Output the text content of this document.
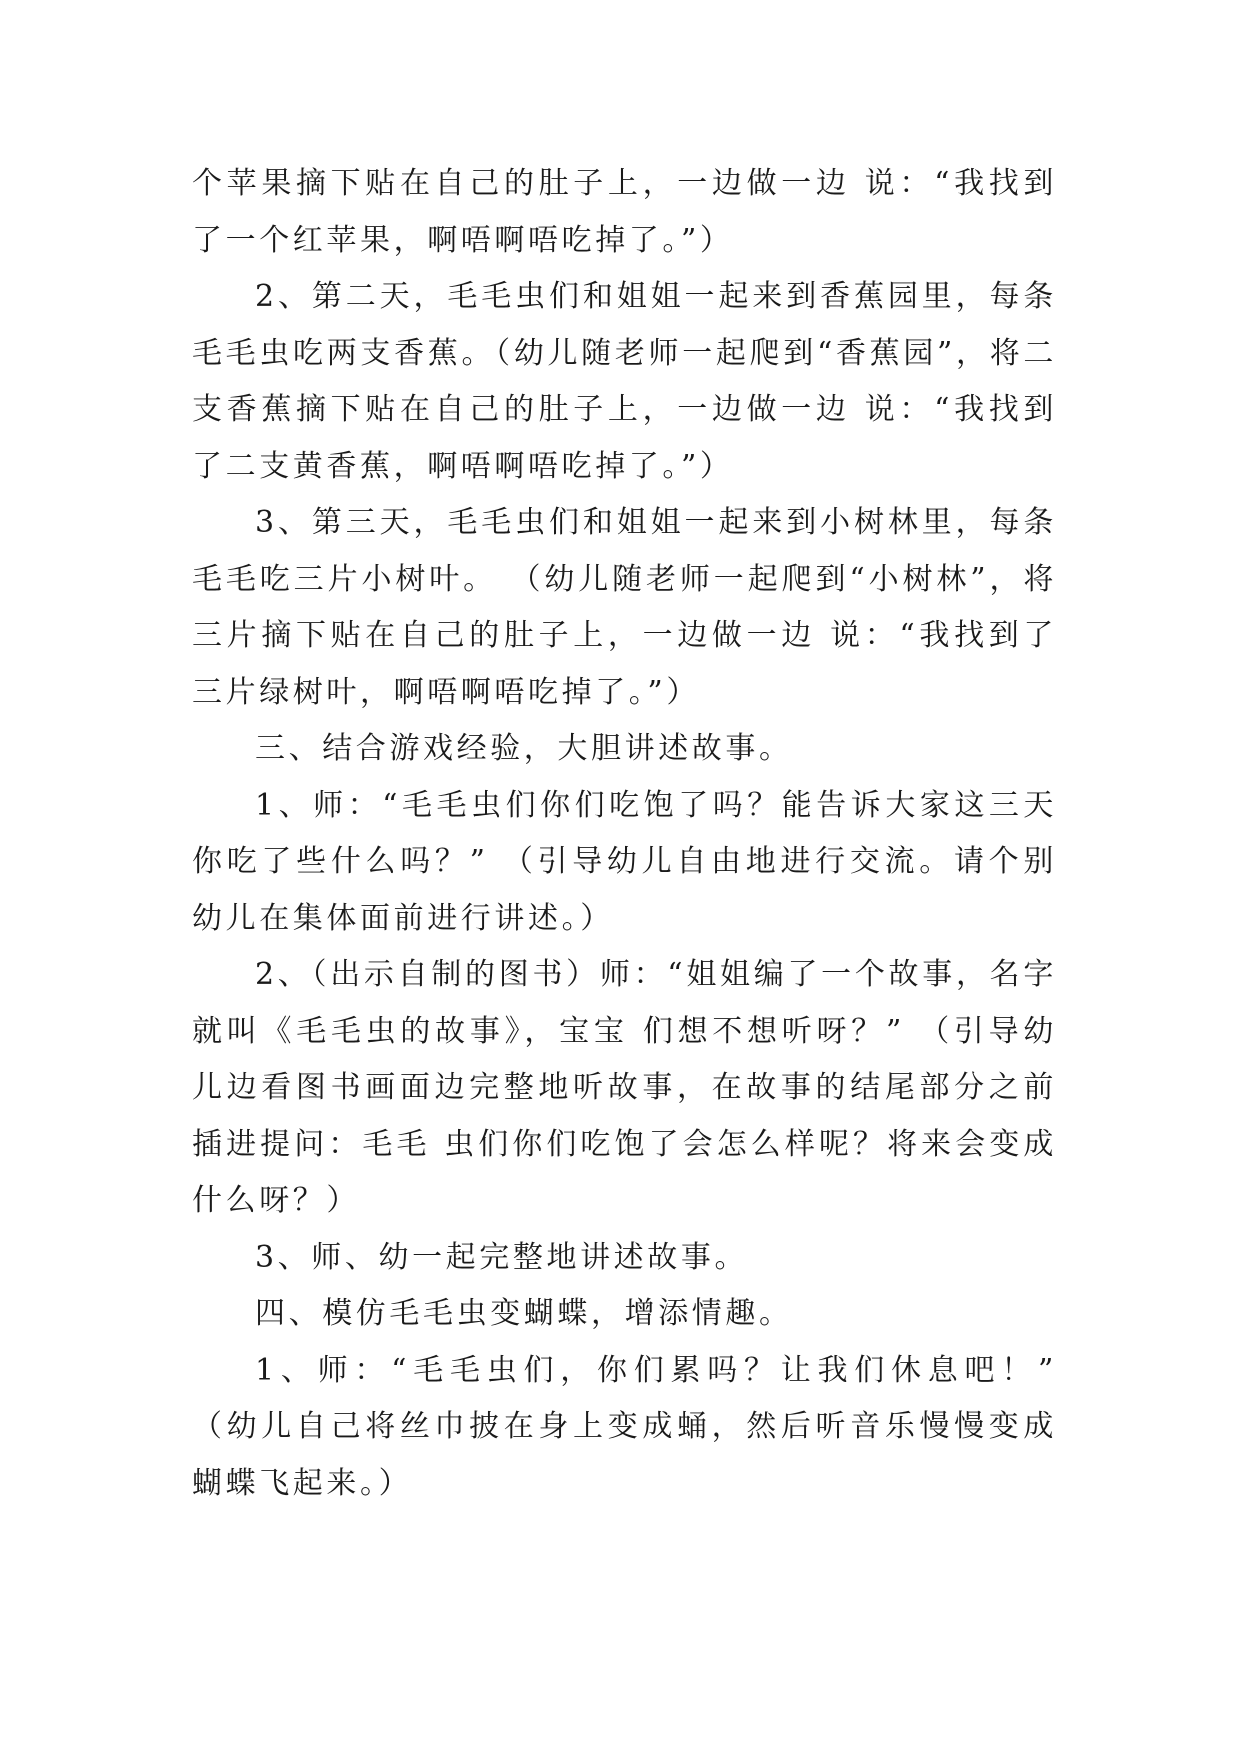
个苹果摘下贴在自己的肚子上，一边做一边 说：“我找到了一个红苹果，啊唔啊唔吃掉了。”）

2、第二天，毛毛虫们和姐姐一起来到香蕉园里，每条毛毛虫吃两支香蕉。（幼儿随老师一起爬到“香蕉园”，将二支香蕉摘下贴在自己的肚子上，一边做一边 说：“我找到了二支黄香蕉，啊唔啊唔吃掉了。”）

3、第三天，毛毛虫们和姐姐一起来到小树林里，每条毛毛吃三片小树叶。 （幼儿随老师一起爬到“小树林”，将三片摘下贴在自己的肚子上，一边做一边 说：“我找到了三片绿树叶，啊唔啊唔吃掉了。”）

三、结合游戏经验，大胆讲述故事。

1、师：“毛毛虫们你们吃饱了吗？能告诉大家这三天你吃了些什么吗？” （引导幼儿自由地进行交流。请个别幼儿在集体面前进行讲述。）

2、（出示自制的图书）师：“姐姐编了一个故事，名字就叫《毛毛虫的故事》，宝宝 们想不想听呀？” （引导幼儿边看图书画面边完整地听故事，在故事的结尾部分之前插进提问：毛毛 虫们你们吃饱了会怎么样呢？将来会变成什么呀？）

3、师、幼一起完整地讲述故事。

四、模仿毛毛虫变蝴蝶，增添情趣。

1、师：“毛毛虫们，你们累吗？让我们休息吧！” （幼儿自己将丝巾披在身上变成蛹，然后听音乐慢慢变成蝴蝶飞起来。）
